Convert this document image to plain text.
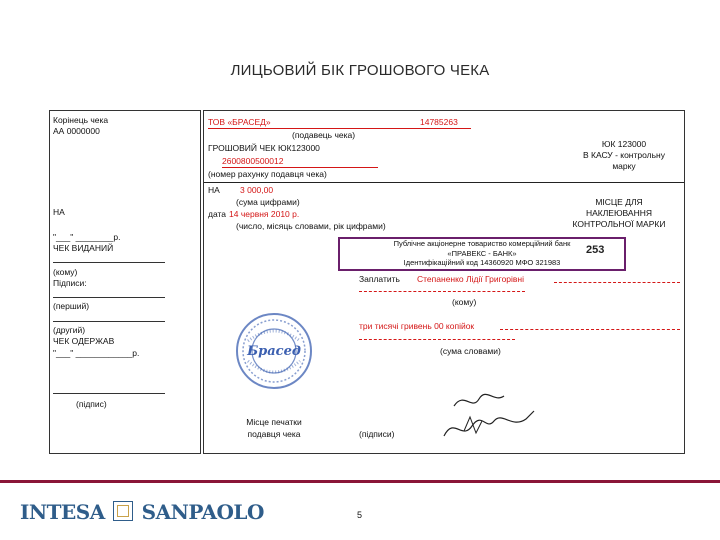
ЛИЦЬОВИЙ БІК ГРОШОВОГО ЧЕКА
Корінець чека
АА 0000000
НА
"___" ________р.
ЧЕК ВИДАНИЙ
(кому)
Підписи:
(перший)
(другий)
ЧЕК ОДЕРЖАВ
"___" ____________р.
(підпис)
ТОВ «БРАСЕД»	14785263
(подавець чека)
ГРОШОВИЙ ЧЕК ЮК123000
2600800500012
(номер рахунку подавця чека)
ЮК 123000
В КАСУ - контрольну
марку
МІСЦЕ ДЛЯ
НАКЛЕЮВАННЯ
КОНТРОЛЬНОЇ МАРКИ
НА 3 000,00
(сума цифрами)
дата 14 червня 2010 р.
(число, місяць словами, рік цифрами)
Заплатить Степаненко Лідії Григорівні
(кому)
три тисячі гривень 00 копійок
(сума словами)
Місце печатки
подавця чека	(підписи)
Брасед
Публічне акціонерне товариство комерційний банк
«ПРАВЕКС - БАНК»
Ідентифікаційний код 14360920 МФО 321983
253
INTESA SANPAOLO	5
